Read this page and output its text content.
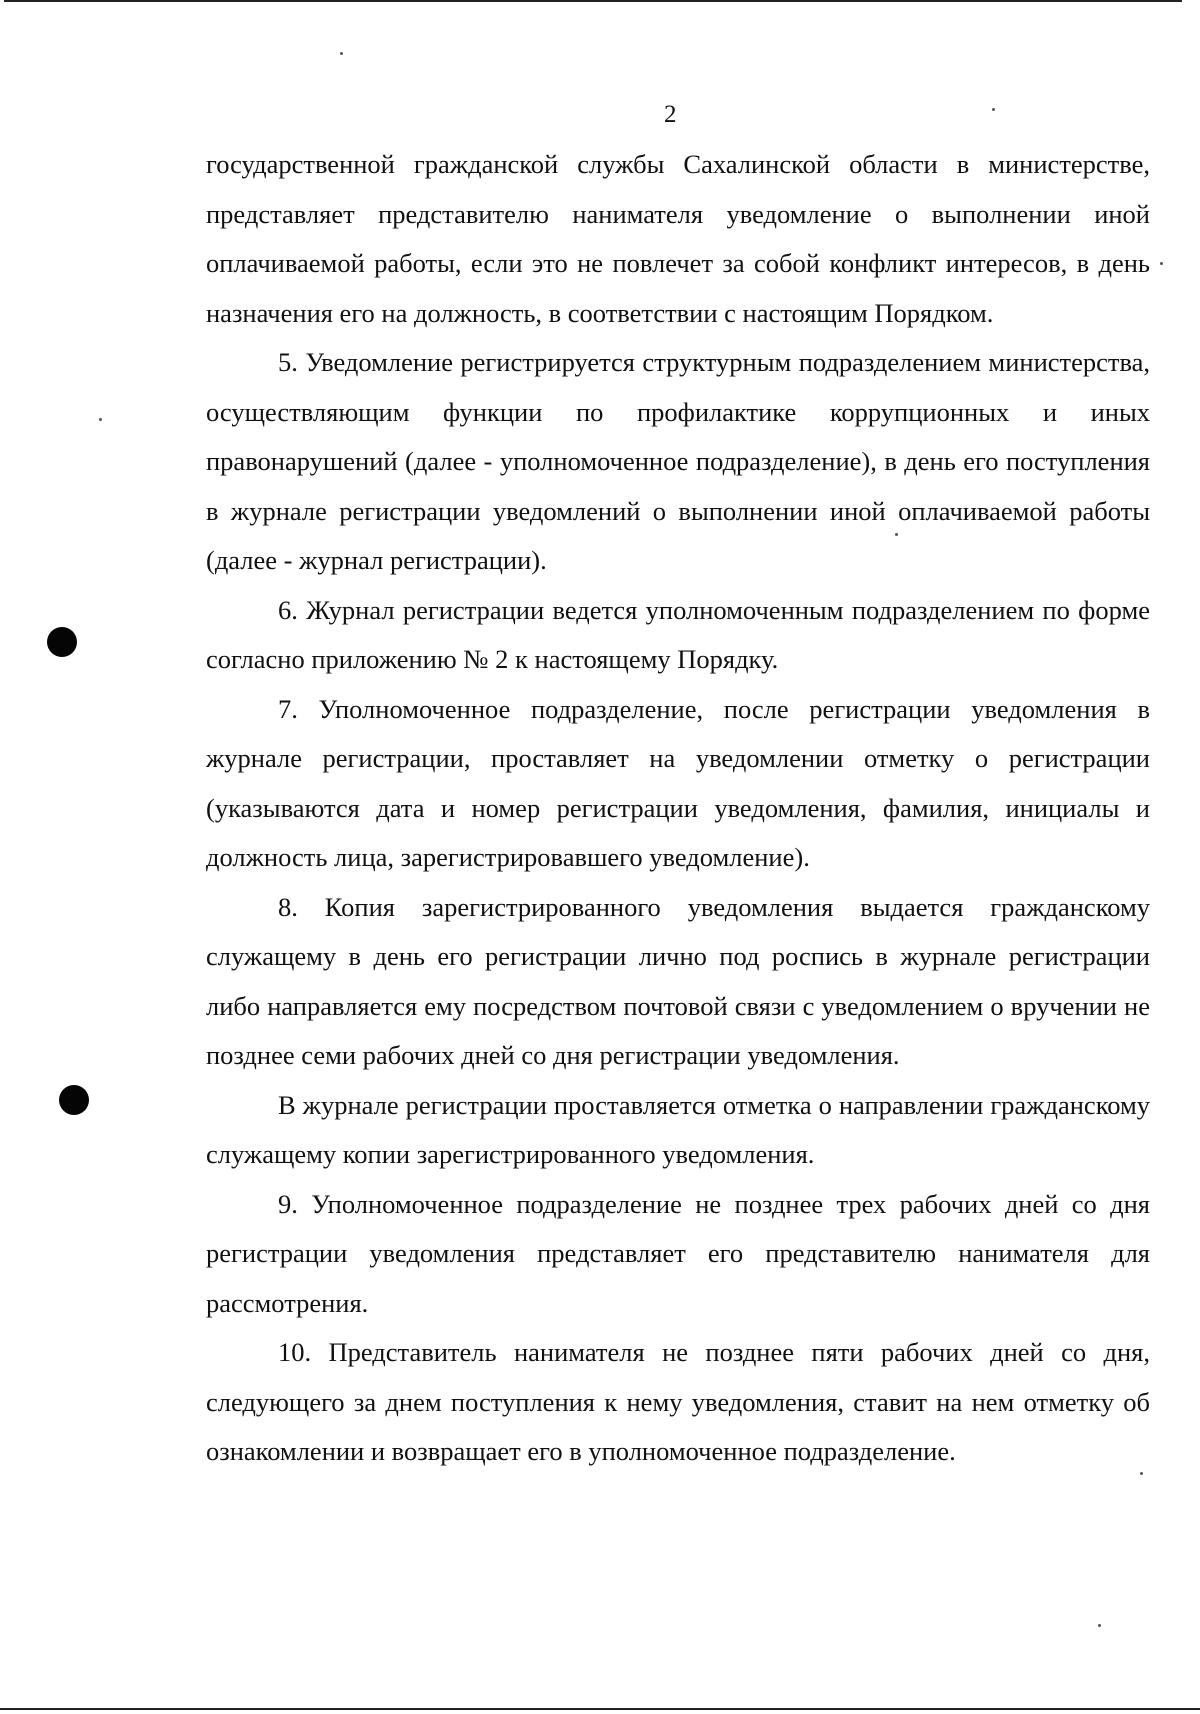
2

государственной гражданской службы Сахалинской области в министерстве, представляет представителю нанимателя уведомление о выполнении иной оплачиваемой работы, если это не повлечет за собой конфликт интересов, в день назначения его на должность, в соответствии с настоящим Порядком.

5. Уведомление регистрируется структурным подразделением министерства, осуществляющим функции по профилактике коррупционных и иных правонарушений (далее - уполномоченное подразделение), в день его поступления в журнале регистрации уведомлений о выполнении иной оплачиваемой работы (далее - журнал регистрации).

6. Журнал регистрации ведется уполномоченным подразделением по форме согласно приложению № 2 к настоящему Порядку.

7. Уполномоченное подразделение, после регистрации уведомления в журнале регистрации, проставляет на уведомлении отметку о регистрации (указываются дата и номер регистрации уведомления, фамилия, инициалы и должность лица, зарегистрировавшего уведомление).

8. Копия зарегистрированного уведомления выдается гражданскому служащему в день его регистрации лично под роспись в журнале регистрации либо направляется ему посредством почтовой связи с уведомлением о вручении не позднее семи рабочих дней со дня регистрации уведомления.

В журнале регистрации проставляется отметка о направлении гражданскому служащему копии зарегистрированного уведомления.

9. Уполномоченное подразделение не позднее трех рабочих дней со дня регистрации уведомления представляет его представителю нанимателя для рассмотрения.

10. Представитель нанимателя не позднее пяти рабочих дней со дня, следующего за днем поступления к нему уведомления, ставит на нем отметку об ознакомлении и возвращает его в уполномоченное подразделение.
